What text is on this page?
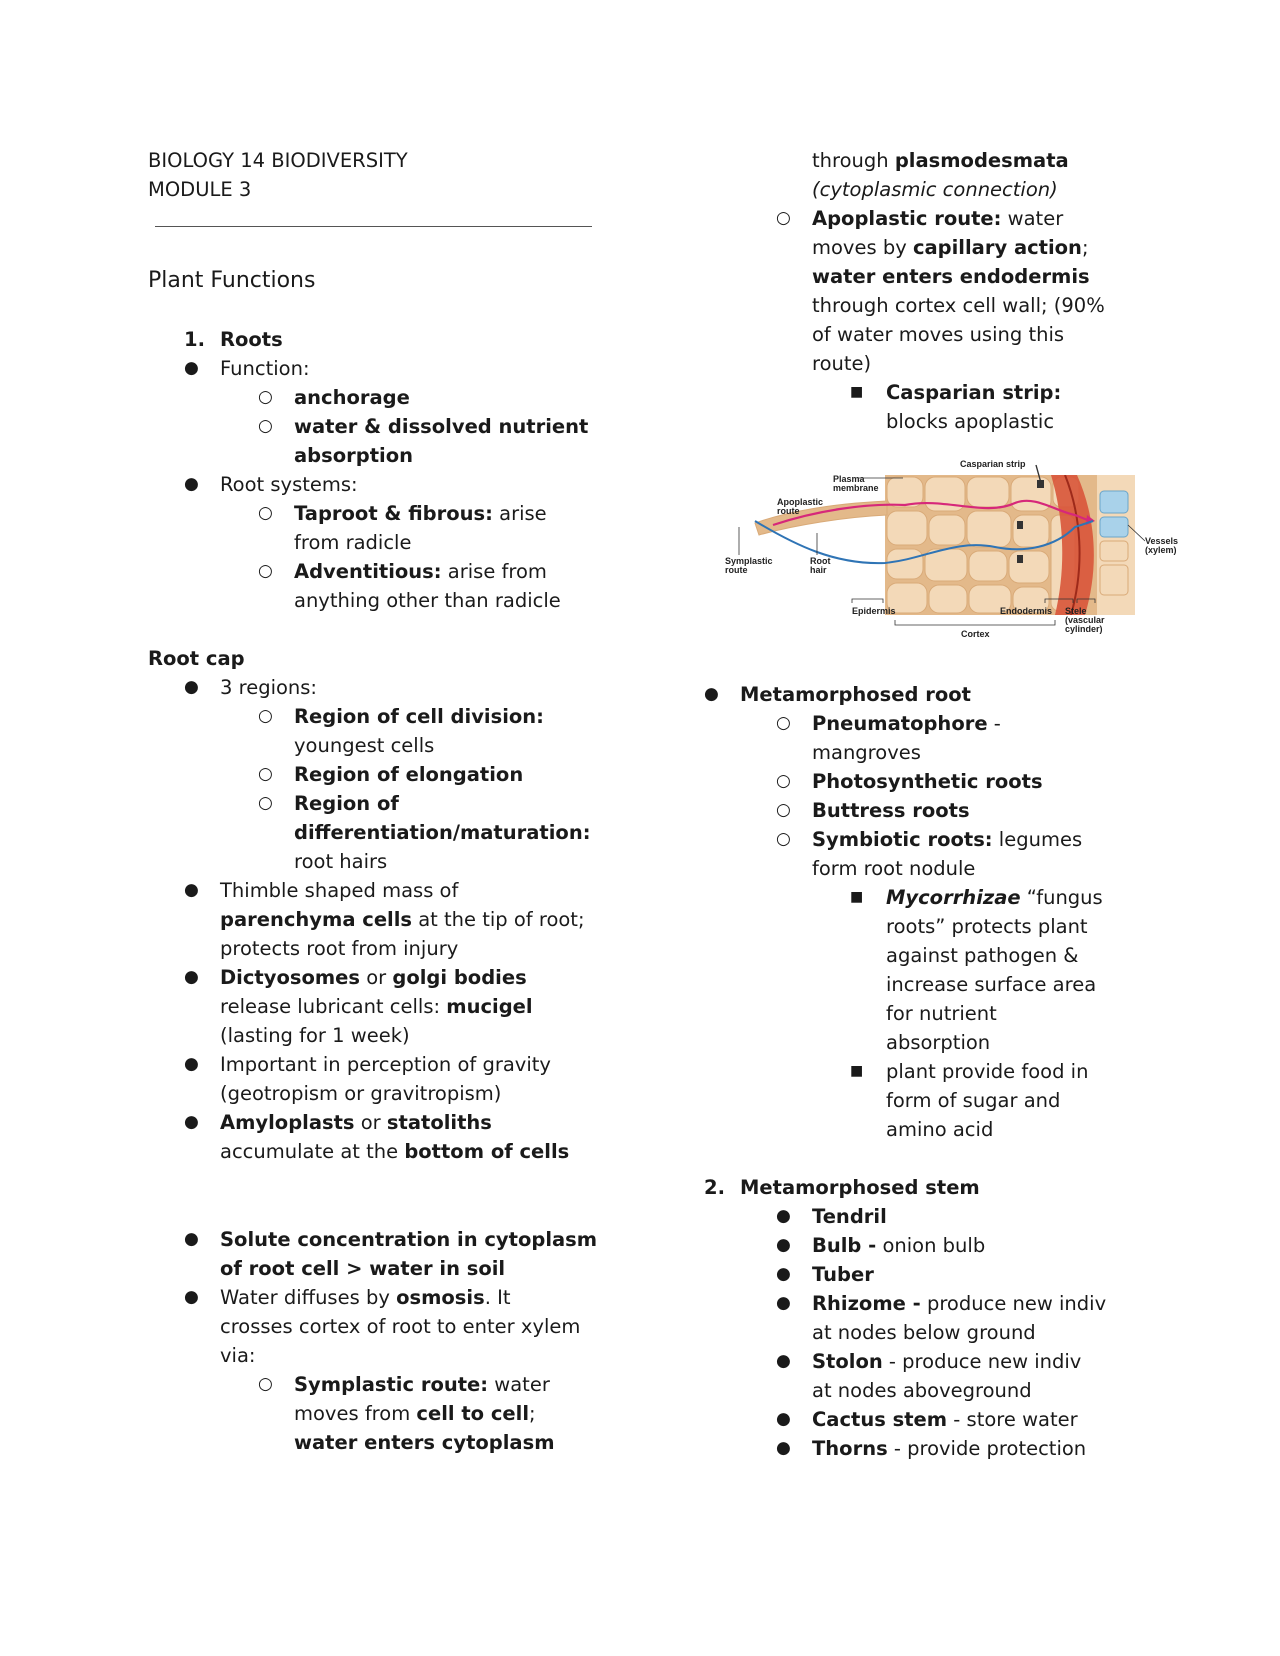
BIOLOGY 14 BIODIVERSITY
MODULE 3
Plant Functions
1. Roots
● Function:
○ anchorage
○ water & dissolved nutrient
absorption
● Root systems:
○ Taproot & fibrous: arise
from radicle
○ Adventitious: arise from
anything other than radicle
Root cap
● 3 regions:
○ Region of cell division:
youngest cells
○ Region of elongation
○ Region of
differentiation/maturation:
root hairs
● Thimble shaped mass of
parenchyma cells at the tip of root;
protects root from injury
● Dictyosomes or golgi bodies
release lubricant cells: mucigel
(lasting for 1 week)
● Important in perception of gravity
(geotropism or gravitropism)
● Amyloplasts or statoliths
accumulate at the bottom of cells
● Solute concentration in cytoplasm
of root cell > water in soil
● Water diffuses by osmosis. It
crosses cortex of root to enter xylem
via:
○ Symplastic route: water
moves from cell to cell;
water enters cytoplasm
through plasmodesmata
(cytoplasmic connection)
○ Apoplastic route: water
moves by capillary action;
water enters endodermis
through cortex cell wall; (90%
of water moves using this
route)
■ Casparian strip:
blocks apoplastic
Casparian strip
Plasma
membrane
Apoplastic
route
Symplastic
route
Root
hair
Vessels
(xylem)
Epidermis	Endodermis Stele
(vascular
cylinder)
Cortex
● Metamorphosed root
○ Pneumatophore -
mangroves
○ Photosynthetic roots
○ Buttress roots
○ Symbiotic roots: legumes
form root nodule
■ Mycorrhizae “fungus
roots” protects plant
against pathogen &
increase surface area
for nutrient
absorption
■ plant provide food in
form of sugar and
amino acid
2. Metamorphosed stem
● Tendril
● Bulb - onion bulb
● Tuber
● Rhizome - produce new indiv
at nodes below ground
● Stolon - produce new indiv
at nodes aboveground
● Cactus stem - store water
● Thorns - provide protection
